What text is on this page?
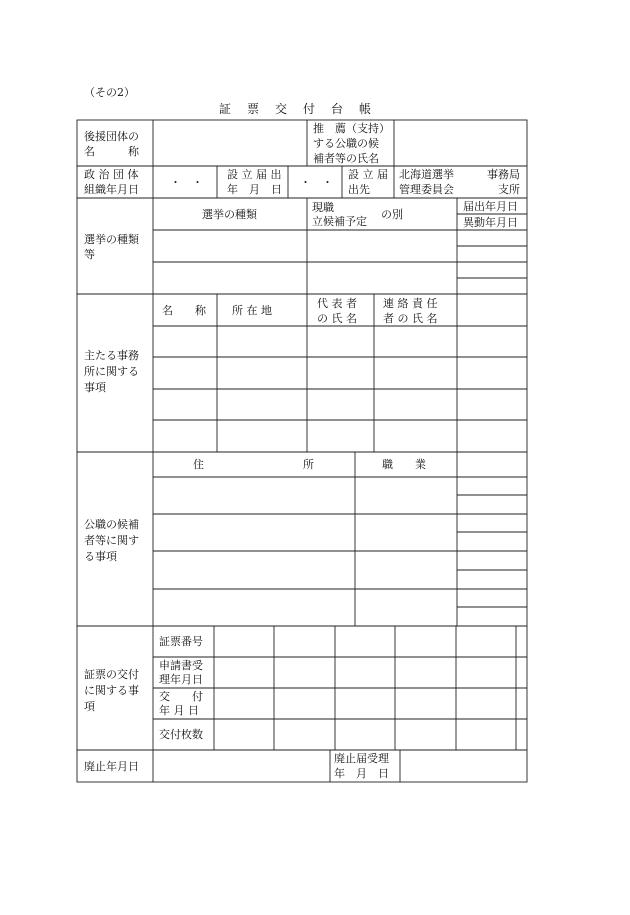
（その2）
証　票　交　付　台　帳
後援団体の
名　　　称
推　薦（支持）
する公職の候
補者等の氏名
政 治 団 体
組織年月日
・　・
設 立 届 出
年　月　日
・　・
設 立 届
出先
北海道選挙
管理委員会
事務局
支所
選挙の種類
等
選挙の種類
現職
立候補予定
の別
届出年月日
異動年月日
主たる事務
所に関する
事項
名　　称 所 在 地
代 表 者
の 氏 名
連 絡 責 任
者 の 氏 名
公職の候補
者等に関す
る事項
住	所	職　　業
証票の交付
に関する事
項
証票番号
申請書受
理年月日
交　　付
年 月 日
交付枚数
廃止年月日
廃止届受理
年　月　日
